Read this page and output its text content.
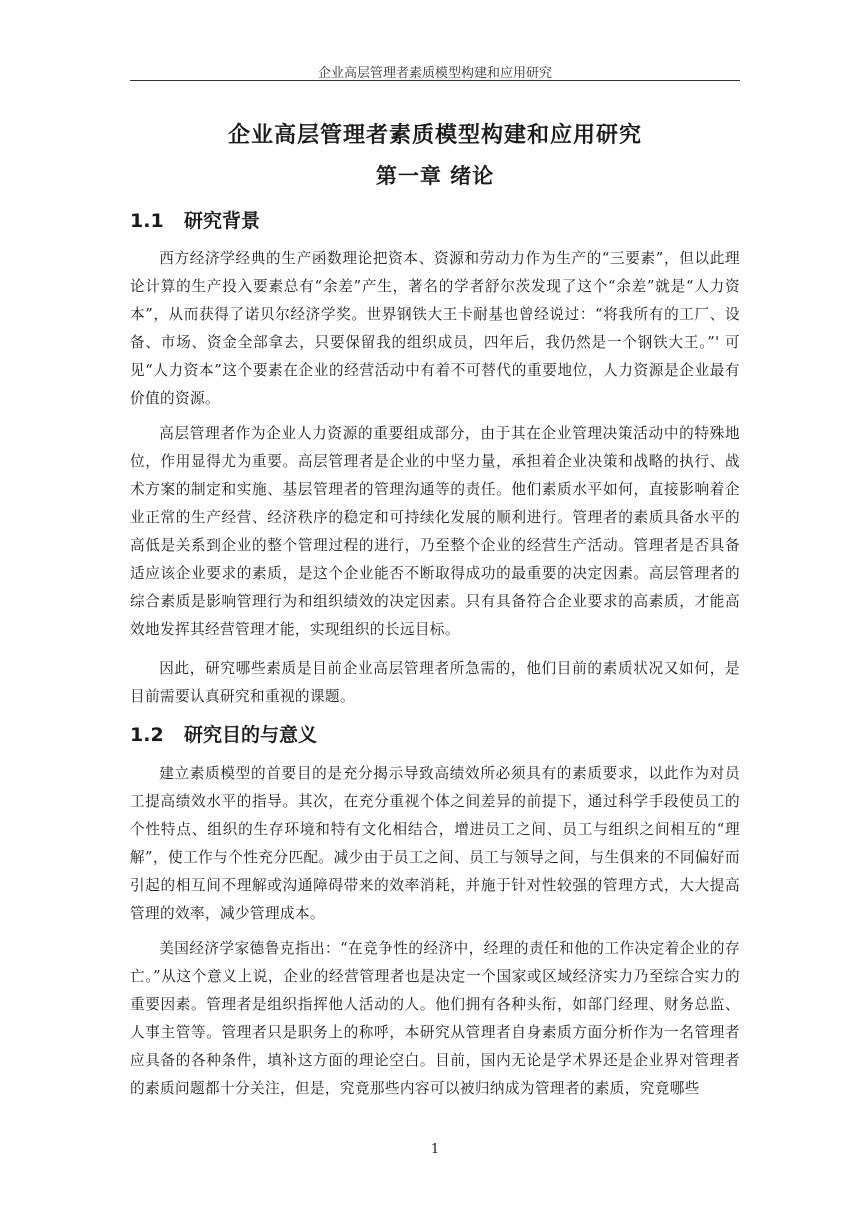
企业高层管理者素质模型构建和应用研究
企业高层管理者素质模型构建和应用研究
第一章 绪论
1.1 研究背景

西方经济学经典的生产函数理论把资本、资源和劳动力作为生产的“三要素”，但以此理论计算的生产投入要素总有“余差”产生，著名的学者舒尔茨发现了这个“余差”就是“人力资本”，从而获得了诺贝尔经济学奖。世界钢铁大王卡耐基也曾经说过：“将我所有的工厂、设备、市场、资金全部拿去，只要保留我的组织成员，四年后，我仍然是一个钢铁大王。”' 可见“人力资本”这个要素在企业的经营活动中有着不可替代的重要地位，人力资源是企业最有价值的资源。

高层管理者作为企业人力资源的重要组成部分，由于其在企业管理决策活动中的特殊地位，作用显得尤为重要。高层管理者是企业的中坚力量，承担着企业决策和战略的执行、战术方案的制定和实施、基层管理者的管理沟通等的责任。他们素质水平如何，直接影响着企业正常的生产经营、经济秩序的稳定和可持续化发展的顺利进行。管理者的素质具备水平的高低是关系到企业的整个管理过程的进行，乃至整个企业的经营生产活动。管理者是否具备适应该企业要求的素质，是这个企业能否不断取得成功的最重要的决定因素。高层管理者的综合素质是影响管理行为和组织绩效的决定因素。只有具备符合企业要求的高素质，才能高效地发挥其经营管理才能，实现组织的长远目标。

因此，研究哪些素质是目前企业高层管理者所急需的，他们目前的素质状况又如何，是目前需要认真研究和重视的课题。

1.2 研究目的与意义

建立素质模型的首要目的是充分揭示导致高绩效所必须具有的素质要求，以此作为对员工提高绩效水平的指导。其次，在充分重视个体之间差异的前提下，通过科学手段使员工的个性特点、组织的生存环境和特有文化相结合，增进员工之间、员工与组织之间相互的“理解”，使工作与个性充分匹配。减少由于员工之间、员工与领导之间，与生俱来的不同偏好而引起的相互间不理解或沟通障碍带来的效率消耗，并施于针对性较强的管理方式，大大提高管理的效率，减少管理成本。

美国经济学家德鲁克指出：“在竞争性的经济中，经理的责任和他的工作决定着企业的存亡。”从这个意义上说，企业的经营管理者也是决定一个国家或区域经济实力乃至综合实力的重要因素。管理者是组织指挥他人活动的人。他们拥有各种头衔，如部门经理、财务总监、人事主管等。管理者只是职务上的称呼，本研究从管理者自身素质方面分析作为一名管理者应具备的各种条件，填补这方面的理论空白。目前，国内无论是学术界还是企业界对管理者的素质问题都十分关注，但是，究竟那些内容可以被归纳成为管理者的素质，究竟哪些

1
